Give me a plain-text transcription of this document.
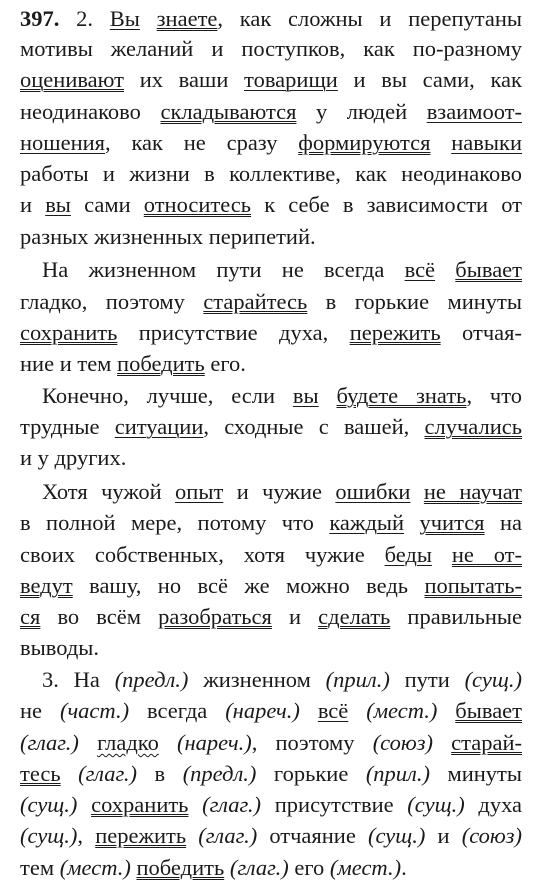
397. 2. Вы знаете, как сложны и перепутаны
мотивы желаний и поступков, как по-разному
оценивают их ваши товарищи и вы сами, как
неодинаково складываются у людей взаимоот-
ношения, как не сразу формируются навыки
работы и жизни в коллективе, как неодинаково
и вы сами относитесь к себе в зависимости от
разных жизненных перипетий.
На жизненном пути не всегда всё бывает
гладко, поэтому старайтесь в горькие минуты
сохранить присутствие духа, пережить отчая-
ние и тем победить его.
Конечно, лучше, если вы будете знать, что
трудные ситуации, сходные с вашей, случались
и у других.
Хотя чужой опыт и чужие ошибки не научат
в полной мере, потому что каждый учится на
своих собственных, хотя чужие беды не от-
ведут вашу, но всё же можно ведь попытать-
ся во всём разобраться и сделать правильные
выводы.
3. На (предл.) жизненном (прил.) пути (сущ.)
не (част.) всегда (нареч.) всё (мест.) бывает
(глаг.) гладко (нареч.), поэтому (союз) старай-
тесь (глаг.) в (предл.) горькие (прил.) минуты
(сущ.) сохранить (глаг.) присутствие (сущ.) духа
(сущ.), пережить (глаг.) отчаяние (сущ.) и (союз)
тем (мест.) победить (глаг.) его (мест.).
